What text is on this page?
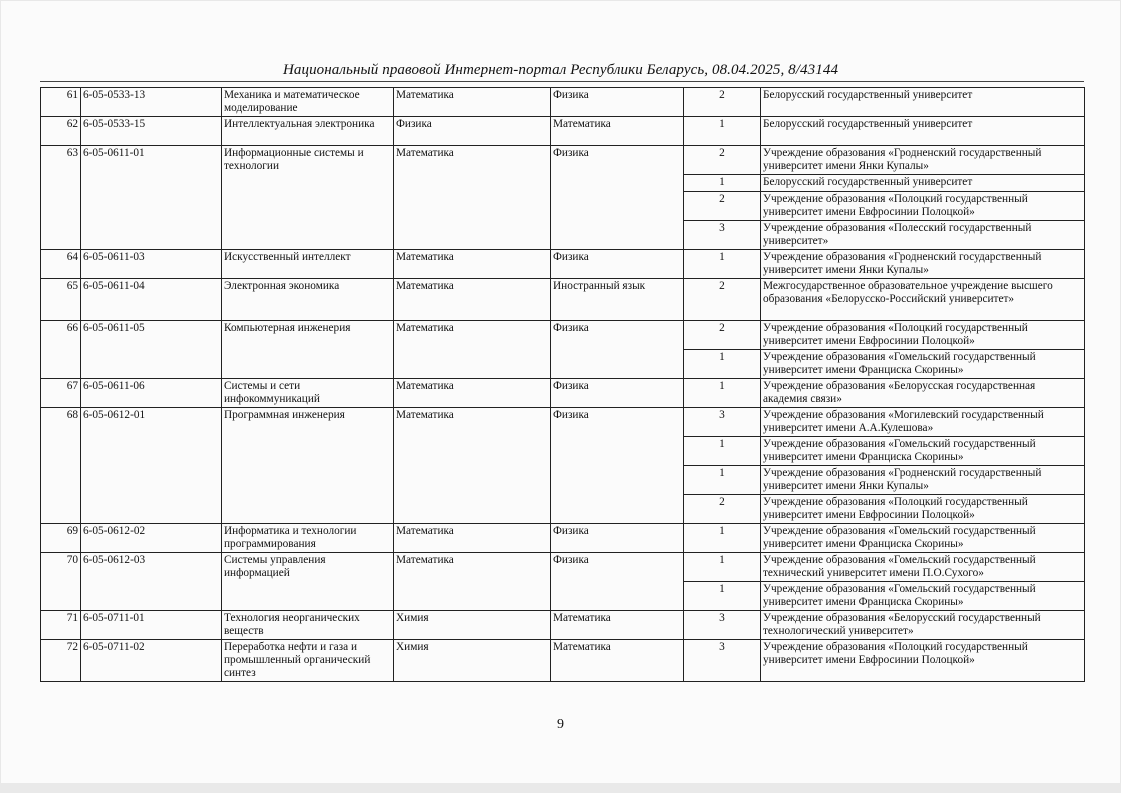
Национальный правовой Интернет-портал Республики Беларусь, 08.04.2025, 8/43144
61	6-05-0533-13	Механика и математическое моделирование	Математика	Физика	2	Белорусский государственный университет
62	6-05-0533-15	Интеллектуальная электроника	Физика	Математика	1	Белорусский государственный университет
63	6-05-0611-01	Информационные системы и технологии	Математика	Физика	2	Учреждение образования «Гродненский государственный университет имени Янки Купалы»
					1	Белорусский государственный университет
					2	Учреждение образования «Полоцкий государственный университет имени Евфросинии Полоцкой»
					3	Учреждение образования «Полесский государственный университет»
64	6-05-0611-03	Искусственный интеллект	Математика	Физика	1	Учреждение образования «Гродненский государственный университет имени Янки Купалы»
65	6-05-0611-04	Электронная экономика	Математика	Иностранный язык	2	Межгосударственное образовательное учреждение высшего образования «Белорусско-Российский университет»
66	6-05-0611-05	Компьютерная инженерия	Математика	Физика	2	Учреждение образования «Полоцкий государственный университет имени Евфросинии Полоцкой»
					1	Учреждение образования «Гомельский государственный университет имени Франциска Скорины»
67	6-05-0611-06	Системы и сети инфокоммуникаций	Математика	Физика	1	Учреждение образования «Белорусская государственная академия связи»
68	6-05-0612-01	Программная инженерия	Математика	Физика	3	Учреждение образования «Могилевский государственный университет имени А.А.Кулешова»
					1	Учреждение образования «Гомельский государственный университет имени Франциска Скорины»
					1	Учреждение образования «Гродненский государственный университет имени Янки Купалы»
					2	Учреждение образования «Полоцкий государственный университет имени Евфросинии Полоцкой»
69	6-05-0612-02	Информатика и технологии программирования	Математика	Физика	1	Учреждение образования «Гомельский государственный университет имени Франциска Скорины»
70	6-05-0612-03	Системы управления информацией	Математика	Физика	1	Учреждение образования «Гомельский государственный технический университет имени П.О.Сухого»
					1	Учреждение образования «Гомельский государственный университет имени Франциска Скорины»
71	6-05-0711-01	Технология неорганических веществ	Химия	Математика	3	Учреждение образования «Белорусский государственный технологический университет»
72	6-05-0711-02	Переработка нефти и газа и промышленный органический синтез	Химия	Математика	3	Учреждение образования «Полоцкий государственный университет имени Евфросинии Полоцкой»
9
